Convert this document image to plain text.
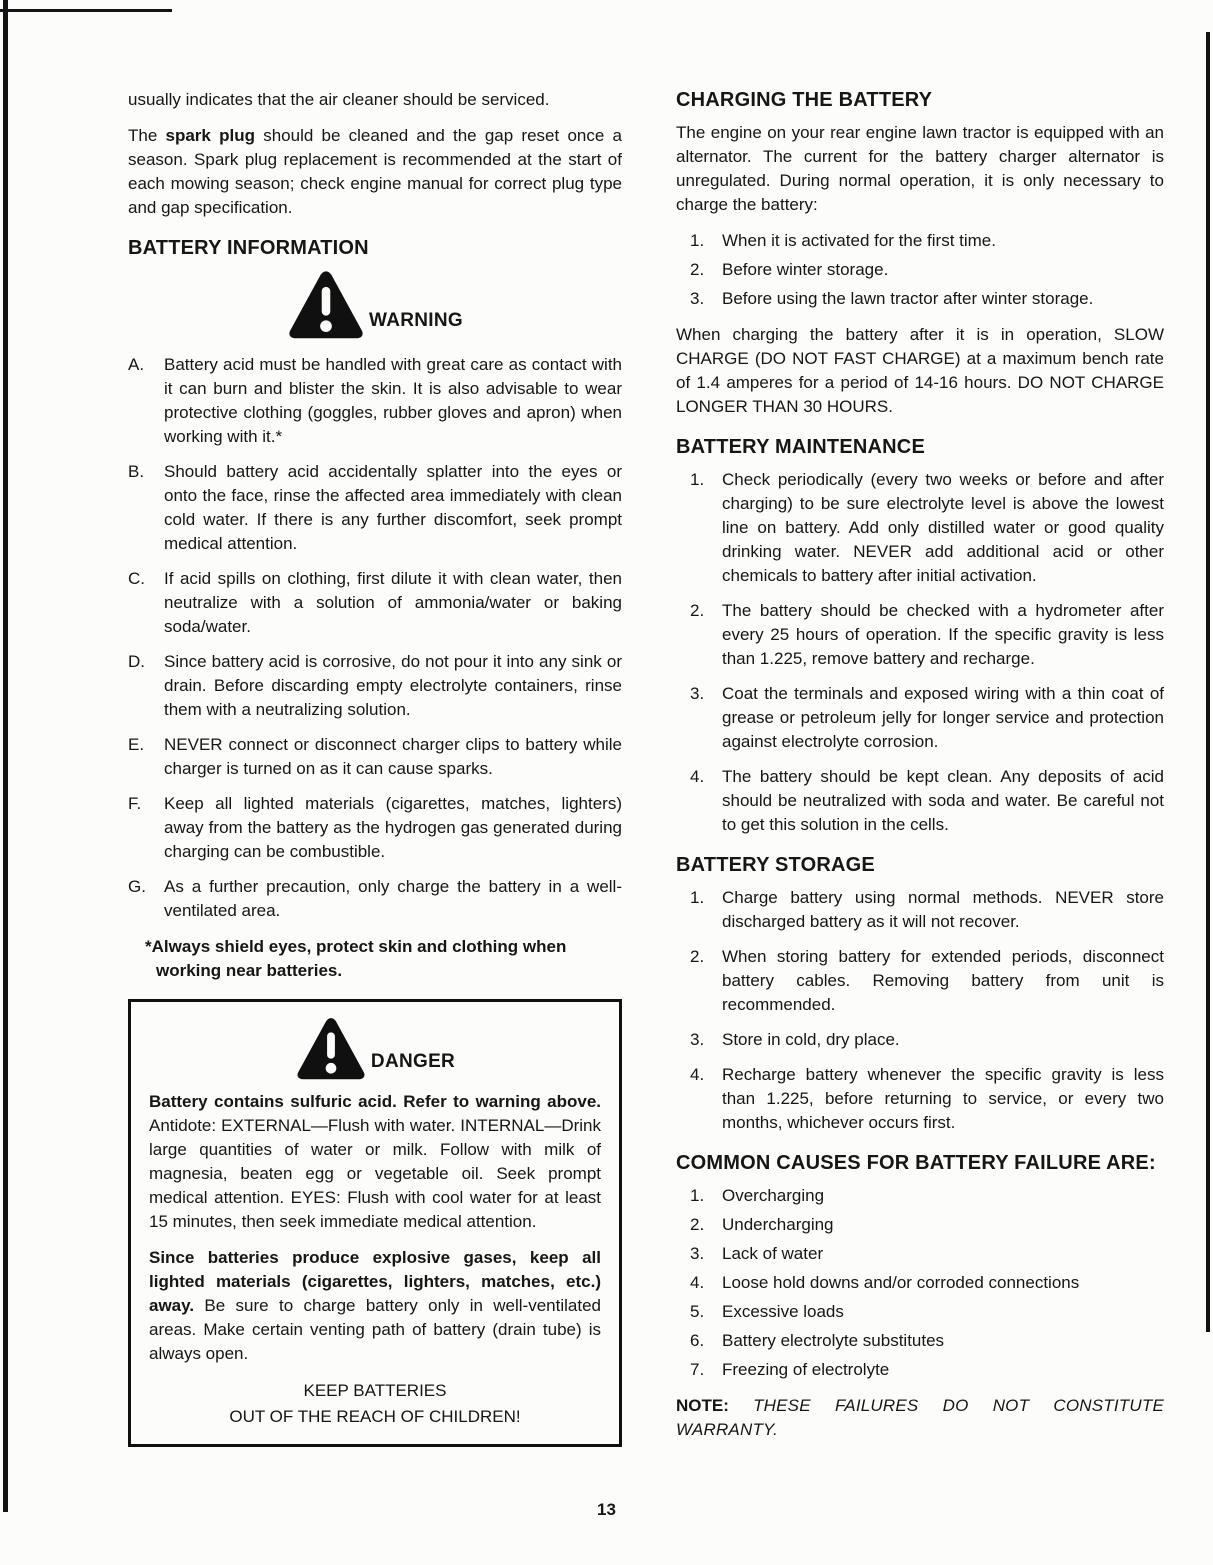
usually indicates that the air cleaner should be serviced.

The spark plug should be cleaned and the gap reset once a season. Spark plug replacement is recommended at the start of each mowing season; check engine manual for correct plug type and gap specification.

BATTERY INFORMATION
WARNING
A.	Battery acid must be handled with great care as contact with it can burn and blister the skin. It is also advisable to wear protective clothing (goggles, rubber gloves and apron) when working with it.*
B.	Should battery acid accidentally splatter into the eyes or onto the face, rinse the affected area immediately with clean cold water. If there is any further discomfort, seek prompt medical attention.
C.	If acid spills on clothing, first dilute it with clean water, then neutralize with a solution of ammonia/water or baking soda/water.
D.	Since battery acid is corrosive, do not pour it into any sink or drain. Before discarding empty electrolyte containers, rinse them with a neutralizing solution.
E.	NEVER connect or disconnect charger clips to battery while charger is turned on as it can cause sparks.
F.	Keep all lighted materials (cigarettes, matches, lighters) away from the battery as the hydrogen gas generated during charging can be combustible.
G.	As a further precaution, only charge the battery in a well-ventilated area.
*Always shield eyes, protect skin and clothing when working near batteries.
DANGER

Battery contains sulfuric acid. Refer to warning above. Antidote: EXTERNAL—Flush with water. INTERNAL—Drink large quantities of water or milk. Follow with milk of magnesia, beaten egg or vegetable oil. Seek prompt medical attention. EYES: Flush with cool water for at least 15 minutes, then seek immediate medical attention.

Since batteries produce explosive gases, keep all lighted materials (cigarettes, lighters, matches, etc.) away. Be sure to charge battery only in well-ventilated areas. Make certain venting path of battery (drain tube) is always open.

KEEP BATTERIES
OUT OF THE REACH OF CHILDREN!
CHARGING THE BATTERY

The engine on your rear engine lawn tractor is equipped with an alternator. The current for the battery charger alternator is unregulated. During normal operation, it is only necessary to charge the battery:

1.	When it is activated for the first time.
2.	Before winter storage.
3.	Before using the lawn tractor after winter storage.

When charging the battery after it is in operation, SLOW CHARGE (DO NOT FAST CHARGE) at a maximum bench rate of 1.4 amperes for a period of 14-16 hours. DO NOT CHARGE LONGER THAN 30 HOURS.

BATTERY MAINTENANCE
1.	Check periodically (every two weeks or before and after charging) to be sure electrolyte level is above the lowest line on battery. Add only distilled water or good quality drinking water. NEVER add additional acid or other chemicals to battery after initial activation.
2.	The battery should be checked with a hydrometer after every 25 hours of operation. If the specific gravity is less than 1.225, remove battery and recharge.
3.	Coat the terminals and exposed wiring with a thin coat of grease or petroleum jelly for longer service and protection against electrolyte corrosion.
4.	The battery should be kept clean. Any deposits of acid should be neutralized with soda and water. Be careful not to get this solution in the cells.
BATTERY STORAGE
1.	Charge battery using normal methods. NEVER store discharged battery as it will not recover.
2.	When storing battery for extended periods, disconnect battery cables. Removing battery from unit is recommended.
3.	Store in cold, dry place.
4.	Recharge battery whenever the specific gravity is less than 1.225, before returning to service, or every two months, whichever occurs first.
COMMON CAUSES FOR BATTERY FAILURE ARE:
1.	Overcharging
2.	Undercharging
3.	Lack of water
4.	Loose hold downs and/or corroded connections
5.	Excessive loads
6.	Battery electrolyte substitutes
7.	Freezing of electrolyte

NOTE: THESE FAILURES DO NOT CONSTITUTE WARRANTY.

13
